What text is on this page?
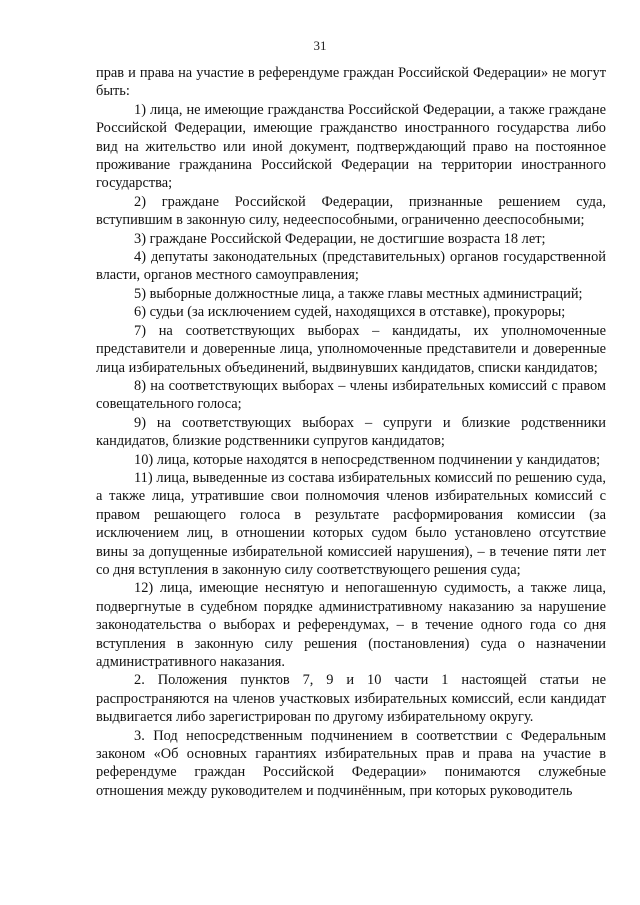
31

прав и права на участие в референдуме граждан Российской Федерации» не могут быть:

1) лица, не имеющие гражданства Российской Федерации, а также граждане Российской Федерации, имеющие гражданство иностранного государства либо вид на жительство или иной документ, подтверждающий право на постоянное проживание гражданина Российской Федерации на территории иностранного государства;

2) граждане Российской Федерации, признанные решением суда, вступившим в законную силу, недееспособными, ограниченно дееспособными;

3) граждане Российской Федерации, не достигшие возраста 18 лет;

4) депутаты законодательных (представительных) органов государственной власти, органов местного самоуправления;

5) выборные должностные лица, а также главы местных администраций;

6) судьи (за исключением судей, находящихся в отставке), прокуроры;

7) на соответствующих выборах – кандидаты, их уполномоченные представители и доверенные лица, уполномоченные представители и доверенные лица избирательных объединений, выдвинувших кандидатов, списки кандидатов;

8) на соответствующих выборах – члены избирательных комиссий с правом совещательного голоса;

9) на соответствующих выборах – супруги и близкие родственники кандидатов, близкие родственники супругов кандидатов;

10) лица, которые находятся в непосредственном подчинении у кандидатов;

11) лица, выведенные из состава избирательных комиссий по решению суда, а также лица, утратившие свои полномочия членов избирательных комиссий с правом решающего голоса в результате расформирования комиссии (за исключением лиц, в отношении которых судом было установлено отсутствие вины за допущенные избирательной комиссией нарушения), – в течение пяти лет со дня вступления в законную силу соответствующего решения суда;

12) лица, имеющие неснятую и непогашенную судимость, а также лица, подвергнутые в судебном порядке административному наказанию за нарушение законодательства о выборах и референдумах, – в течение одного года со дня вступления в законную силу решения (постановления) суда о назначении административного наказания.

2. Положения пунктов 7, 9 и 10 части 1 настоящей статьи не распространяются на членов участковых избирательных комиссий, если кандидат выдвигается либо зарегистрирован по другому избирательному округу.

3. Под непосредственным подчинением в соответствии с Федеральным законом «Об основных гарантиях избирательных прав и права на участие в референдуме граждан Российской Федерации» понимаются служебные отношения между руководителем и подчинённым, при которых руководитель
